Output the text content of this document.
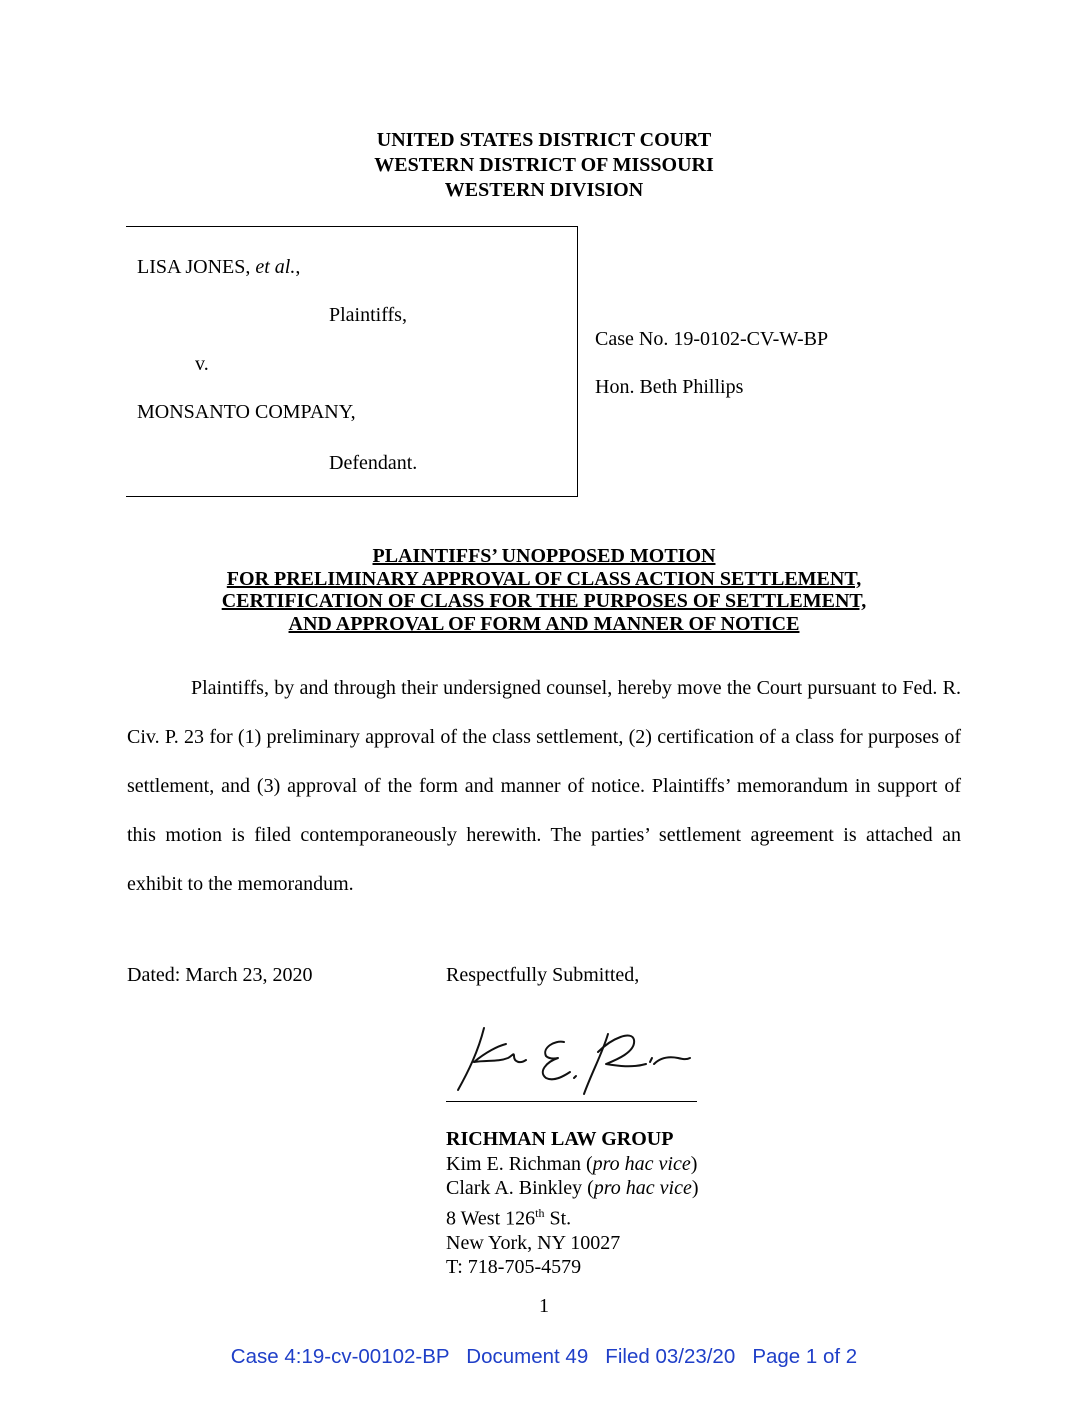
UNITED STATES DISTRICT COURT
WESTERN DISTRICT OF MISSOURI
WESTERN DIVISION
LISA JONES, et al.,
Plaintiffs,
v.
MONSANTO COMPANY,
Defendant.
Case No. 19-0102-CV-W-BP
Hon. Beth Phillips
PLAINTIFFS’ UNOPPOSED MOTION
FOR PRELIMINARY APPROVAL OF CLASS ACTION SETTLEMENT,
CERTIFICATION OF CLASS FOR THE PURPOSES OF SETTLEMENT,
AND APPROVAL OF FORM AND MANNER OF NOTICE

Plaintiffs, by and through their undersigned counsel, hereby move the Court pursuant to Fed. R. Civ. P. 23 for (1) preliminary approval of the class settlement, (2) certification of a class for purposes of settlement, and (3) approval of the form and manner of notice. Plaintiffs’ memorandum in support of this motion is filed contemporaneously herewith. The parties’ settlement agreement is attached an exhibit to the memorandum.

Dated: March 23, 2020	Respectfully Submitted,
RICHMAN LAW GROUP
Kim E. Richman (pro hac vice)
Clark A. Binkley (pro hac vice)
8 West 126th St.
New York, NY 10027
T: 718-705-4579
1
Case 4:19-cv-00102-BP   Document 49   Filed 03/23/20   Page 1 of 2
